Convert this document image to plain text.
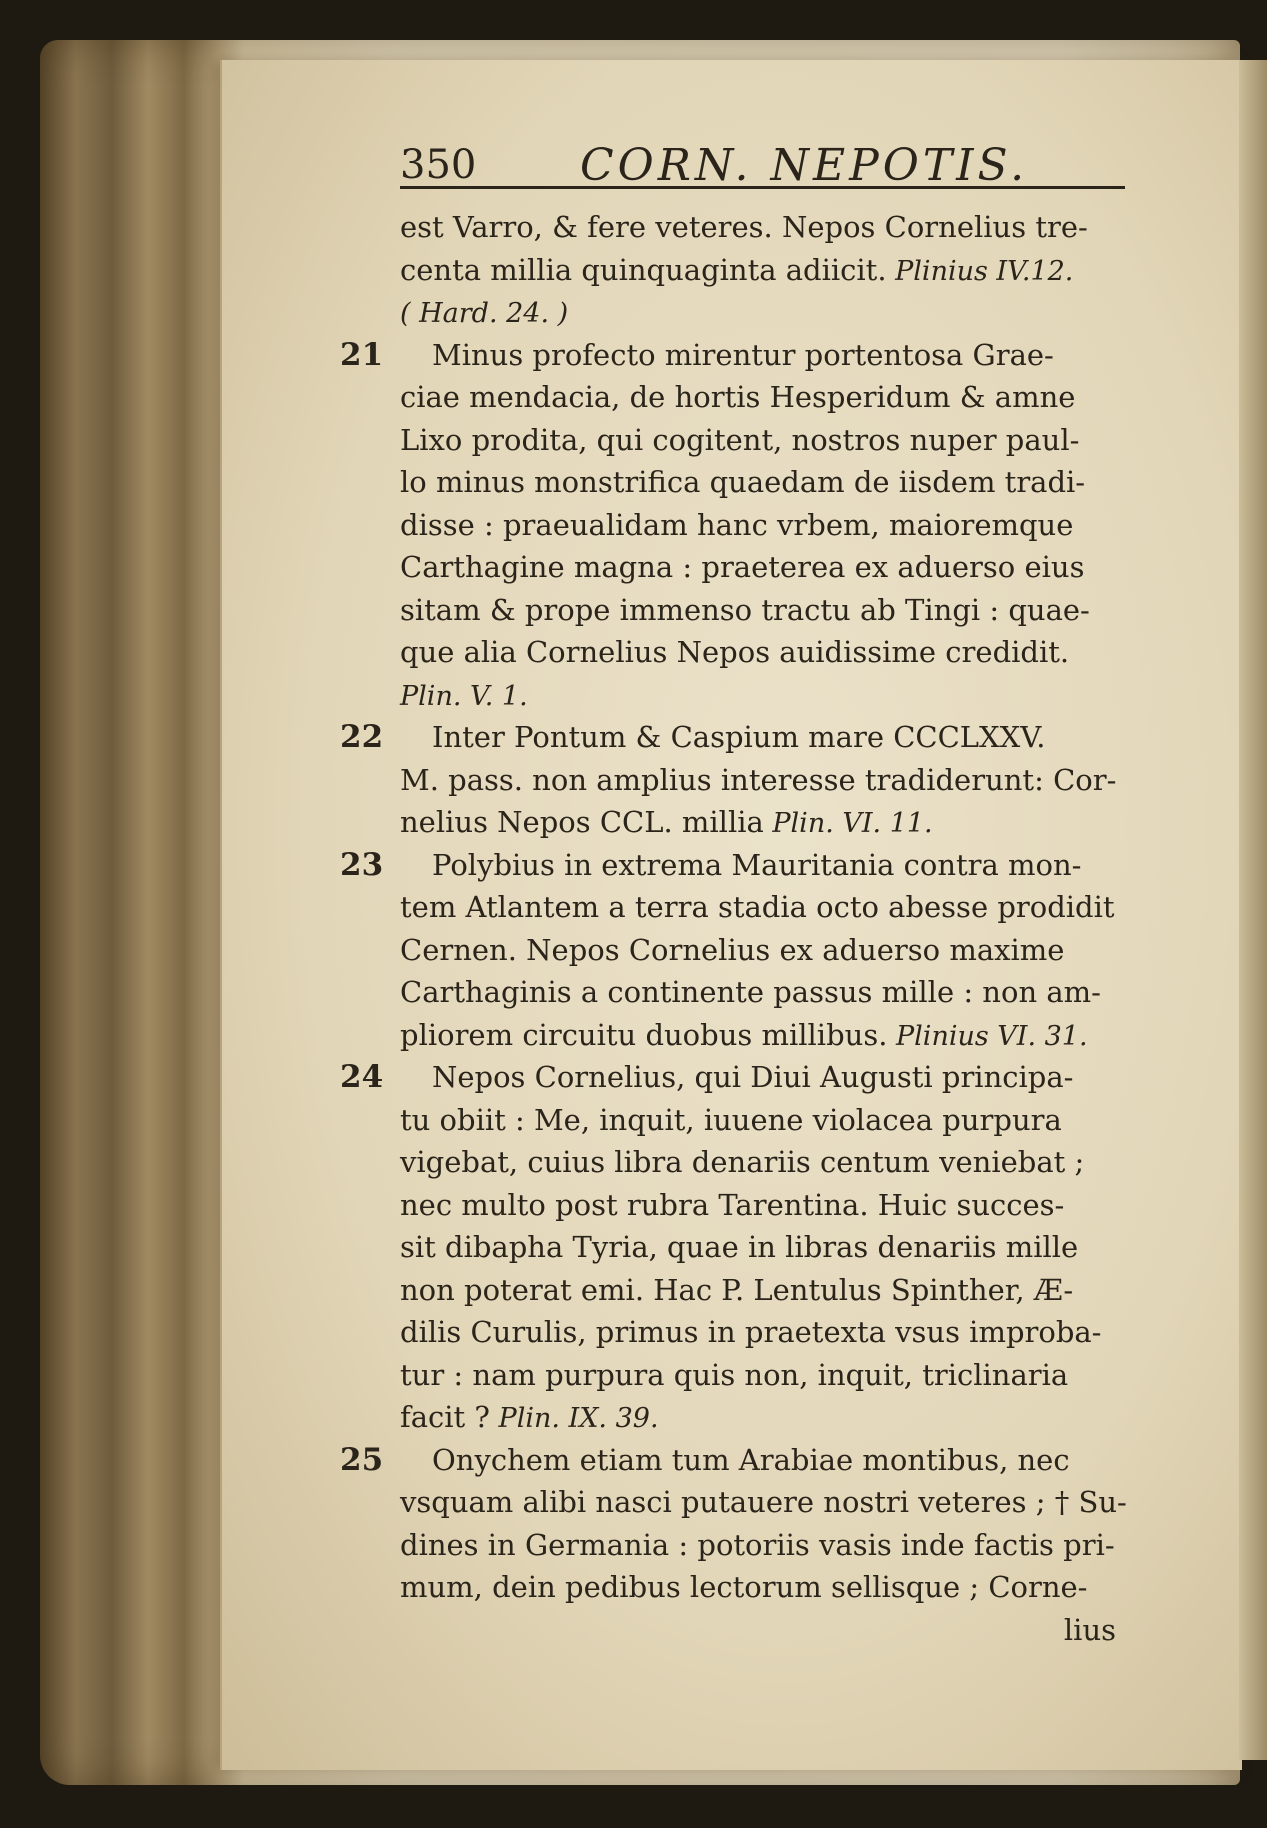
350 CORN. NEPOTIS.
est Varro, & fere veteres. Nepos Cornelius tre-
centa millia quinquaginta adiicit. Plinius IV.12.
( Hard. 24. )
21 Minus profecto mirentur portentosa Grae-
ciae mendacia, de hortis Hesperidum & amne
Lixo prodita, qui cogitent, nostros nuper paul-
lo minus monstrifica quaedam de iisdem tradi-
disse : praeualidam hanc vrbem, maioremque
Carthagine magna : praeterea ex aduerso eius
sitam & prope immenso tractu ab Tingi : quae-
que alia Cornelius Nepos auidissime credidit.
Plin. V. 1.
22 Inter Pontum & Caspium mare CCCLXXV.
M. pass. non amplius interesse tradiderunt: Cor-
nelius Nepos CCL. millia Plin. VI. 11.
23 Polybius in extrema Mauritania contra mon-
tem Atlantem a terra stadia octo abesse prodidit
Cernen. Nepos Cornelius ex aduerso maxime
Carthaginis a continente passus mille : non am-
pliorem circuitu duobus millibus. Plinius VI. 31.
24 Nepos Cornelius, qui Diui Augusti principa-
tu obiit : Me, inquit, iuuene violacea purpura
vigebat, cuius libra denariis centum veniebat ;
nec multo post rubra Tarentina. Huic succes-
sit dibapha Tyria, quae in libras denariis mille
non poterat emi. Hac P. Lentulus Spinther, Æ-
dilis Curulis, primus in praetexta vsus improba-
tur : nam purpura quis non, inquit, triclinaria
facit ? Plin. IX. 39.
25 Onychem etiam tum Arabiae montibus, nec
vsquam alibi nasci putauere nostri veteres ; † Su-
dines in Germania : potoriis vasis inde factis pri-
mum, dein pedibus lectorum sellisque ; Corne-
lius
